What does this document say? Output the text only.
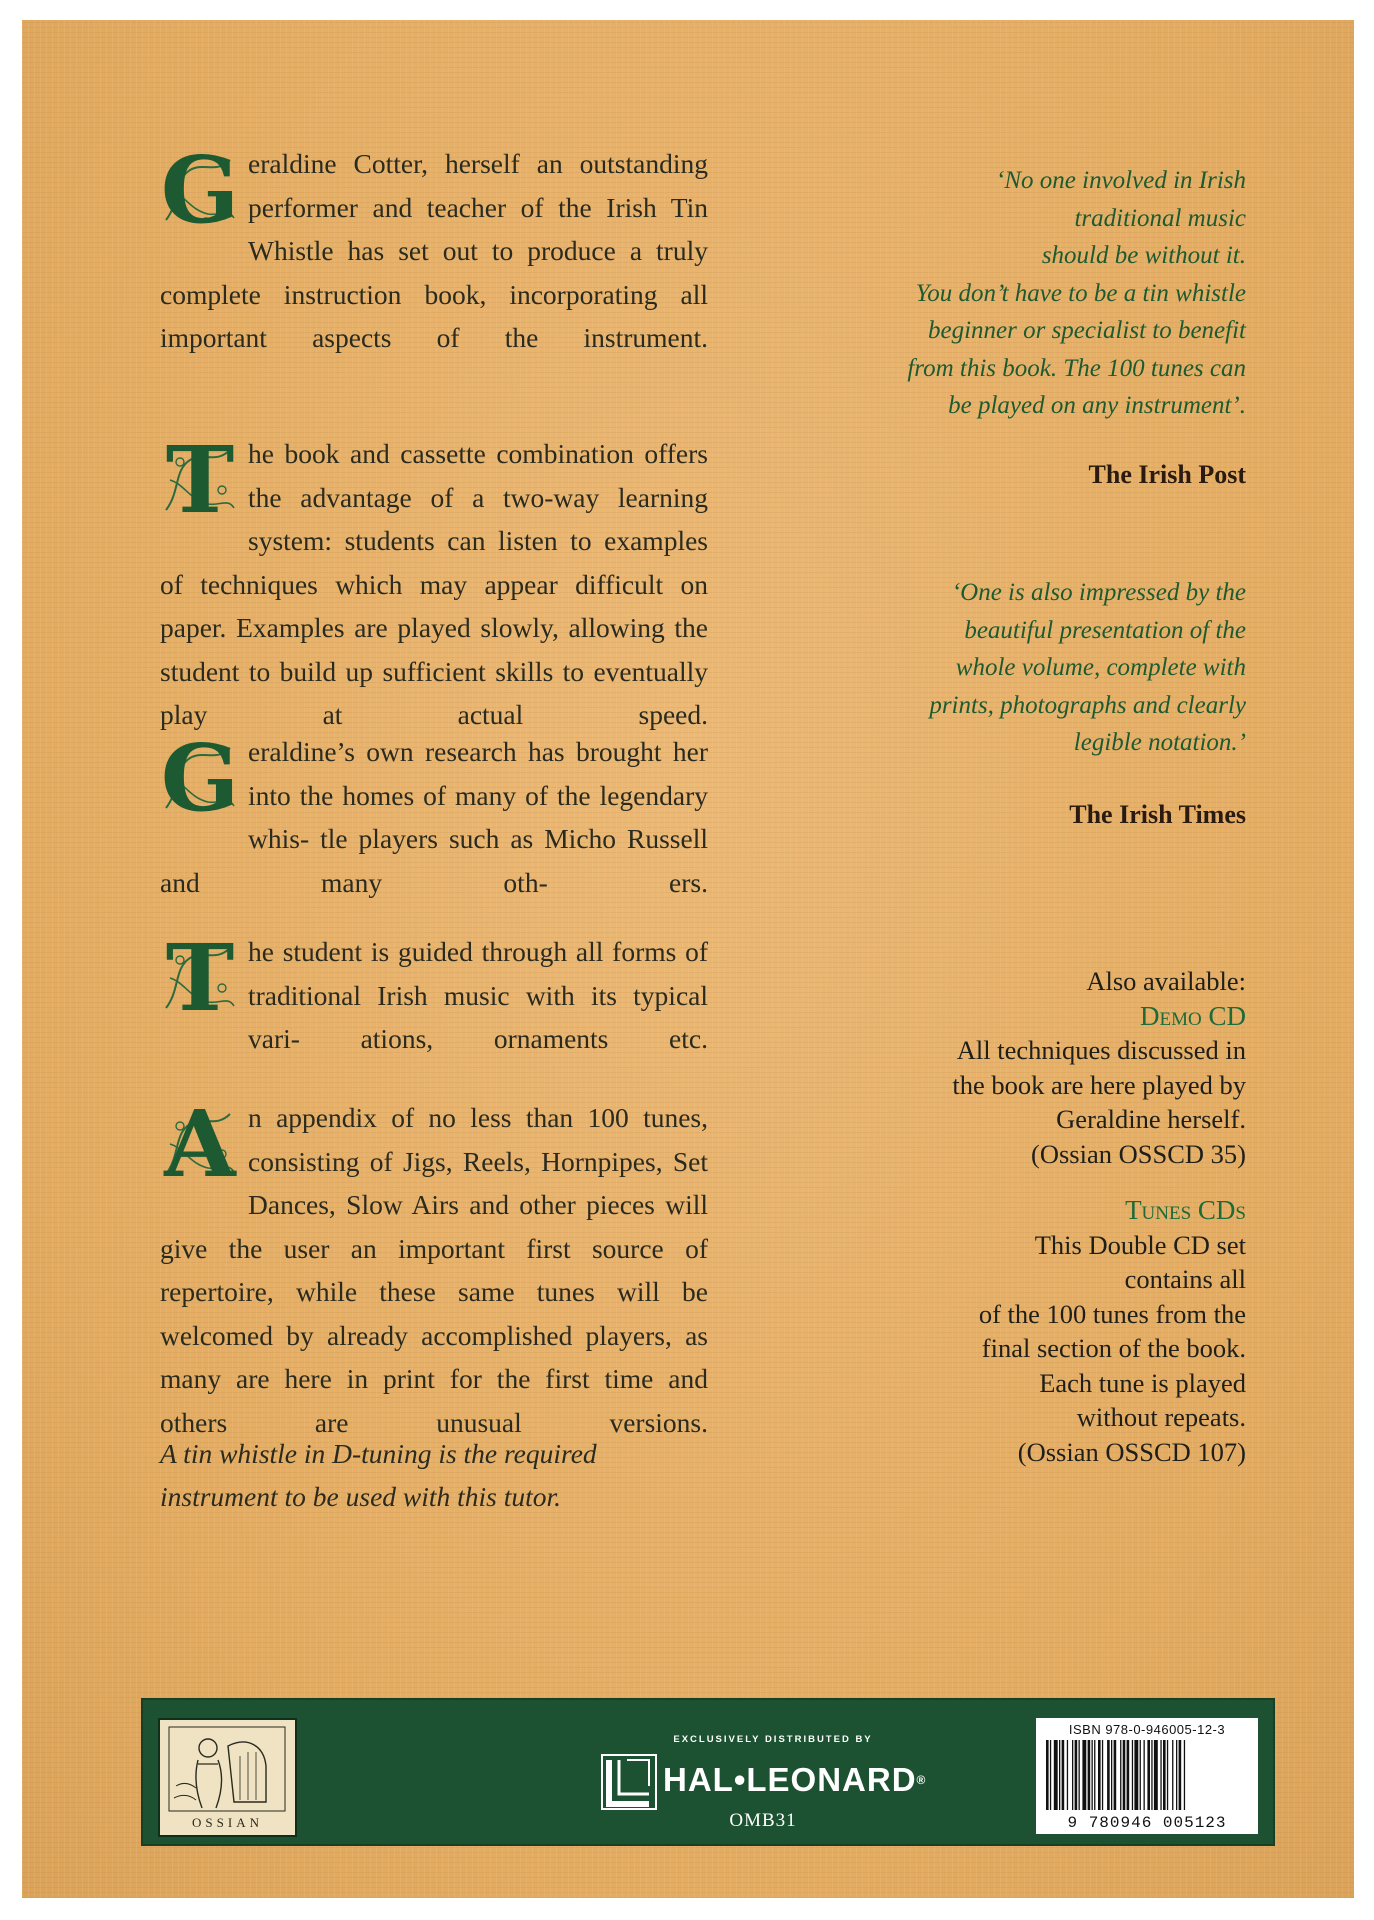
G eraldine Cotter, herself an outstanding performer and teacher of the Irish Tin Whistle has set out to produce a truly complete instruction book, incorporating all important aspects of the instrument.

T he book and cassette combination offers the advantage of a two-way learning system: students can listen to examples of techniques which may appear difficult on paper. Examples are played slowly, allowing the student to build up sufficient skills to eventually play at actual speed.

G eraldine’s own research has brought her into the homes of many of the legendary whis- tle players such as Micho Russell and many oth- ers.

T he student is guided through all forms of traditional Irish music with its typical vari- ations, ornaments etc.

A n appendix of no less than 100 tunes, consisting of Jigs, Reels, Hornpipes, Set Dances, Slow Airs and other pieces will give the user an important first source of repertoire, while these same tunes will be welcomed by already accomplished players, as many are here in print for the first time and others are unusual versions.

A tin whistle in D-tuning is the required instrument to be used with this tutor.

‘No one involved in Irish
traditional music
should be without it.
You don’t have to be a tin whistle
beginner or specialist to benefit
from this book. The 100 tunes can
be played on any instrument’.

The Irish Post

‘One is also impressed by the
beautiful presentation of the
whole volume, complete with
prints, photographs and clearly
legible notation.’

The Irish Times

Also available:

Demo CD

All techniques discussed in

the book are here played by

Geraldine herself.

(Ossian OSSCD 35)

Tunes CDs

This Double CD set

contains all

of the 100 tunes from the

final section of the book.

Each tune is played

without repeats.

(Ossian OSSCD 107)

OSSIAN
EXCLUSIVELY DISTRIBUTED BY
HAL•LEONARD®
OMB31
ISBN 978-0-946005-12-3
9 780946 005123
